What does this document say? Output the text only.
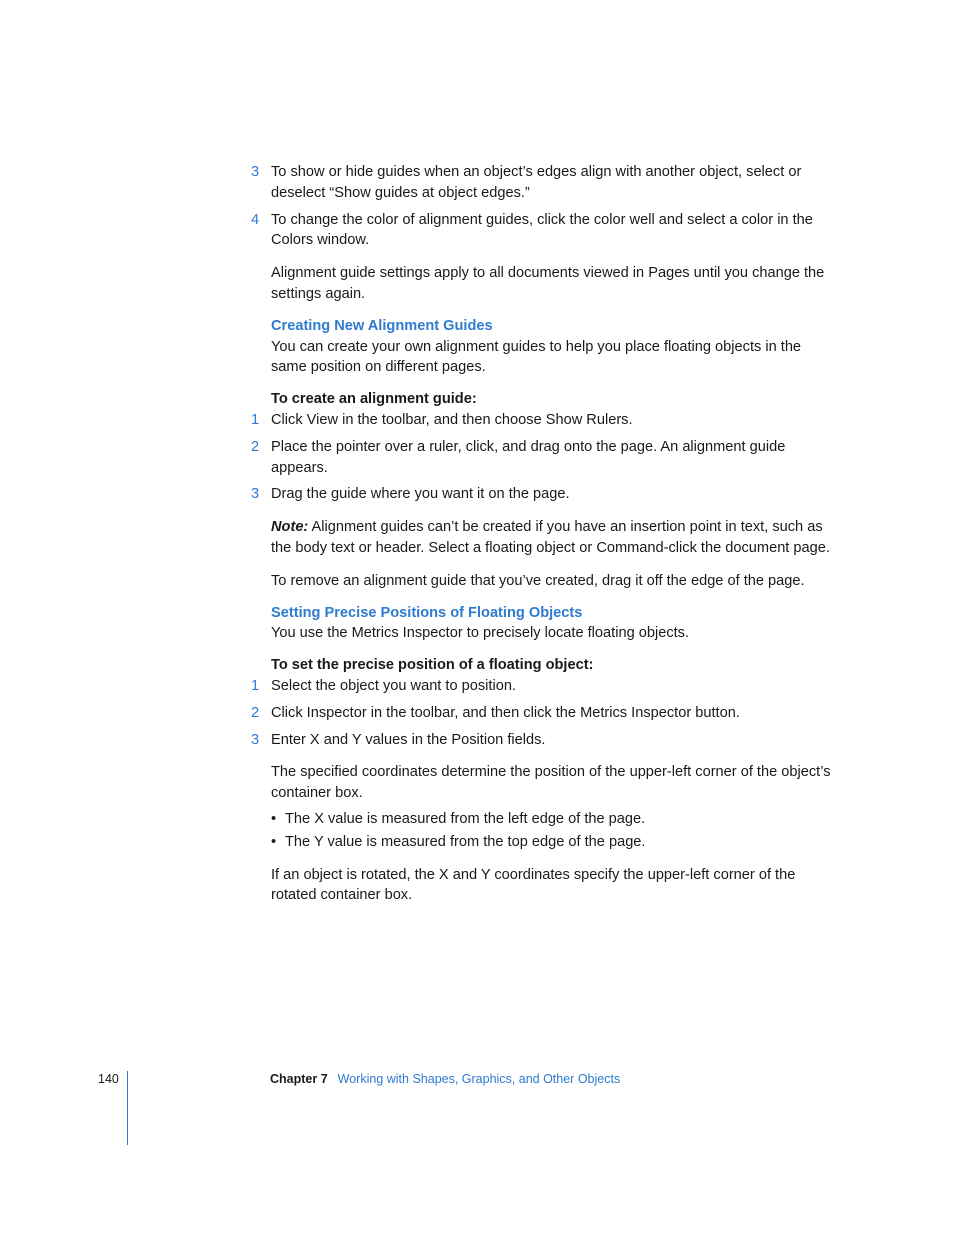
3 To show or hide guides when an object’s edges align with another object, select or deselect “Show guides at object edges.”

4 To change the color of alignment guides, click the color well and select a color in the Colors window.

Alignment guide settings apply to all documents viewed in Pages until you change the settings again.

Creating New Alignment Guides

You can create your own alignment guides to help you place floating objects in the same position on different pages.

To create an alignment guide:

1 Click View in the toolbar, and then choose Show Rulers.

2 Place the pointer over a ruler, click, and drag onto the page. An alignment guide appears.

3 Drag the guide where you want it on the page.

Note: Alignment guides can’t be created if you have an insertion point in text, such as the body text or header. Select a floating object or Command-click the document page.

To remove an alignment guide that you’ve created, drag it off the edge of the page.

Setting Precise Positions of Floating Objects

You use the Metrics Inspector to precisely locate floating objects.

To set the precise position of a floating object:

1 Select the object you want to position.

2 Click Inspector in the toolbar, and then click the Metrics Inspector button.

3 Enter X and Y values in the Position fields.

The specified coordinates determine the position of the upper-left corner of the object’s container box.

• The X value is measured from the left edge of the page.
• The Y value is measured from the top edge of the page.

If an object is rotated, the X and Y coordinates specify the upper-left corner of the rotated container box.

140	Chapter 7 Working with Shapes, Graphics, and Other Objects
